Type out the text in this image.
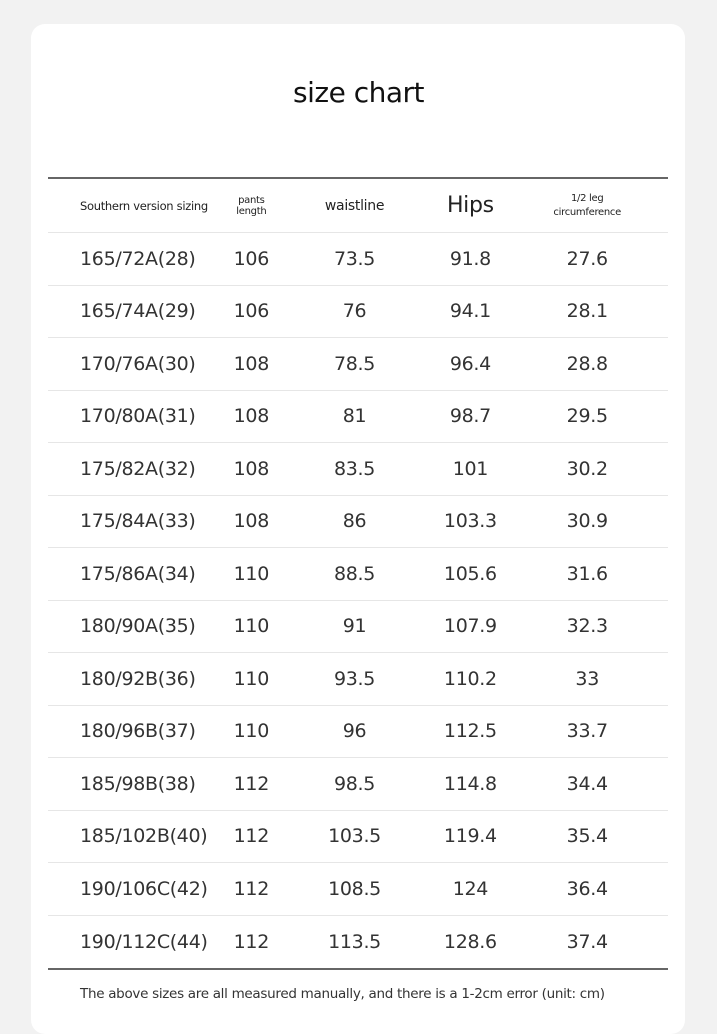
size chart
Southern version sizing	pants length	waistline	Hips	1/2 leg
circumference
165/72A(28)	106	73.5	91.8	27.6
165/74A(29)	106	76	94.1	28.1
170/76A(30)	108	78.5	96.4	28.8
170/80A(31)	108	81	98.7	29.5
175/82A(32)	108	83.5	101	30.2
175/84A(33)	108	86	103.3	30.9
175/86A(34)	110	88.5	105.6	31.6
180/90A(35)	110	91	107.9	32.3
180/92B(36)	110	93.5	110.2	33
180/96B(37)	110	96	112.5	33.7
185/98B(38)	112	98.5	114.8	34.4
185/102B(40)	112	103.5	119.4	35.4
190/106C(42)	112	108.5	124	36.4
190/112C(44)	112	113.5	128.6	37.4
The above sizes are all measured manually, and there is a 1-2cm error (unit: cm)
